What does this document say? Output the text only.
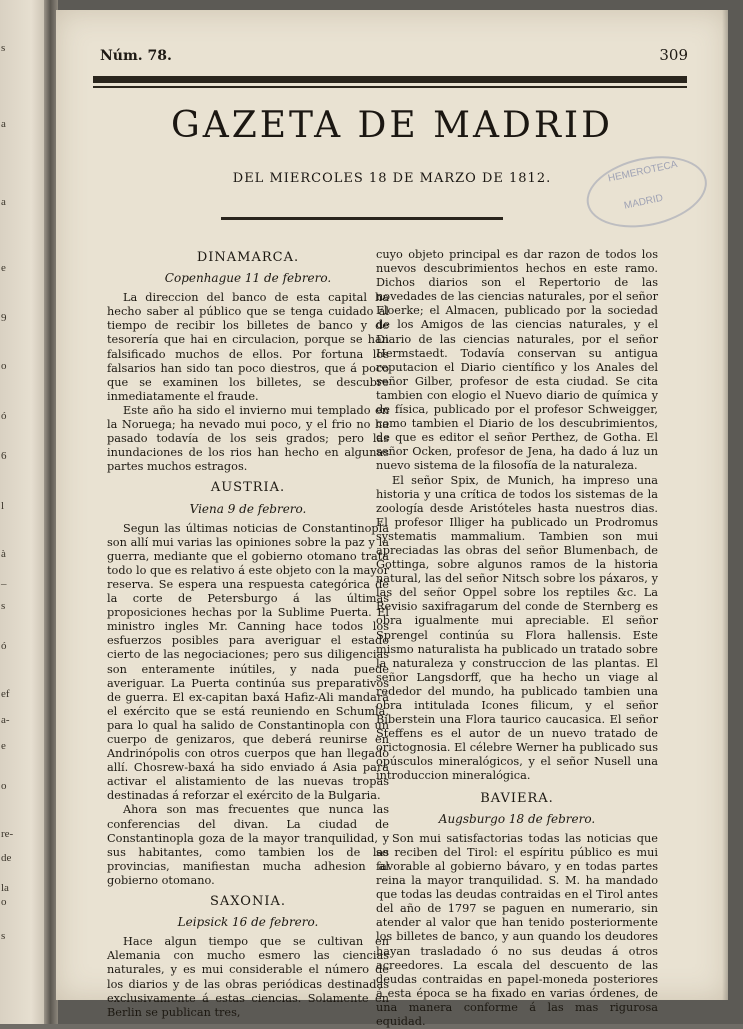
s
a
a
e
9
o
ó
6
l
à
–
s
ó
ef
a-
e
o
re-
de
la
o
s
Núm. 78.	309
GAZETA DE MADRID
DEL MIERCOLES 18 DE MARZO DE 1812.	HEMEROTECA
MADRID
DINAMARCA.
Copenhague 11 de febrero.

La direccion del banco de esta capital ha hecho saber al público que se tenga cuidado al tiempo de recibir los billetes de banco y de tesorería que hai en circulacion, porque se han falsificado muchos de ellos. Por fortuna los falsarios han sido tan poco diestros, que á poco que se examinen los billetes, se descubre inmediatamente el fraude.

Este año ha sido el invierno mui templado en la Noruega; ha nevado mui poco, y el frio no ha pasado todavía de los seis grados; pero las inundaciones de los rios han hecho en algunas partes muchos estragos.

AUSTRIA.
Viena 9 de febrero.

Segun las últimas noticias de Constantinopla son allí mui varias las opiniones sobre la paz y la guerra, mediante que el gobierno otomano trata todo lo que es relativo á este objeto con la mayor reserva. Se espera una respuesta categórica de la corte de Petersburgo á las últimas proposiciones hechas por la Sublime Puerta. El ministro ingles Mr. Canning hace todos los esfuerzos posibles para averiguar el estado cierto de las negociaciones; pero sus diligencias son enteramente inútiles, y nada puede averiguar. La Puerta continúa sus preparativos de guerra. El ex-capitan baxá Hafiz-Ali mandará el exército que se está reuniendo en Schumla, para lo qual ha salido de Constantinopla con un cuerpo de genizaros, que deberá reunirse en Andrinópolis con otros cuerpos que han llegado allí. Chosrew-baxá ha sido enviado á Asia para activar el alistamiento de las nuevas tropas destinadas á reforzar el exército de la Bulgaria.

Ahora son mas frecuentes que nunca las conferencias del divan. La ciudad de Constantinopla goza de la mayor tranquilidad, y sus habitantes, como tambien los de las provincias, manifiestan mucha adhesion al gobierno otomano.

SAXONIA.
Leipsick 16 de febrero.

Hace algun tiempo que se cultivan en Alemania con mucho esmero las ciencias naturales, y es mui considerable el número de los diarios y de las obras periódicas destinadas exclusivamente á estas ciencias. Solamente en Berlin se publican tres,

cuyo objeto principal es dar razon de todos los nuevos descubrimientos hechos en este ramo. Dichos diarios son el Repertorio de las novedades de las ciencias naturales, por el señor Floerke; el Almacen, publicado por la sociedad de los Amigos de las ciencias naturales, y el Diario de las ciencias naturales, por el señor Hermstaedt. Todavía conservan su antigua reputacion el Diario científico y los Anales del señor Gilber, profesor de esta ciudad. Se cita tambien con elogio el Nuevo diario de química y de física, publicado por el profesor Schweigger, como tambien el Diario de los descubrimientos, de que es editor el señor Perthez, de Gotha. El señor Ocken, profesor de Jena, ha dado á luz un nuevo sistema de la filosofía de la naturaleza.

El señor Spix, de Munich, ha impreso una historia y una crítica de todos los sistemas de la zoología desde Aristóteles hasta nuestros dias. El profesor Illiger ha publicado un Prodromus systematis mammalium. Tambien son mui apreciadas las obras del señor Blumenbach, de Gottinga, sobre algunos ramos de la historia natural, las del señor Nitsch sobre los páxaros, y las del señor Oppel sobre los reptiles &c. La Revisio saxifragarum del conde de Sternberg es obra igualmente mui apreciable. El señor Sprengel continúa su Flora hallensis. Este mismo naturalista ha publicado un tratado sobre la naturaleza y construccion de las plantas. El señor Langsdorff, que ha hecho un viage al rededor del mundo, ha publicado tambien una obra intitulada Icones filicum, y el señor Biberstein una Flora taurico caucasica. El señor Steffens es el autor de un nuevo tratado de orictognosia. El célebre Werner ha publicado sus opúsculos mineralógicos, y el señor Nusell una introduccion mineralógica.

BAVIERA.
Augsburgo 18 de febrero.

Son mui satisfactorias todas las noticias que se reciben del Tirol: el espíritu público es mui favorable al gobierno bávaro, y en todas partes reina la mayor tranquilidad. S. M. ha mandado que todas las deudas contraidas en el Tirol antes del año de 1797 se paguen en numerario, sin atender al valor que han tenido posteriormente los billetes de banco, y aun quando los deudores hayan trasladado ó no sus deudas á otros acreedores. La escala del descuento de las deudas contraidas en papel-moneda posteriores á esta época se ha fixado en varias órdenes, de una manera conforme á las mas rigurosa equidad.
